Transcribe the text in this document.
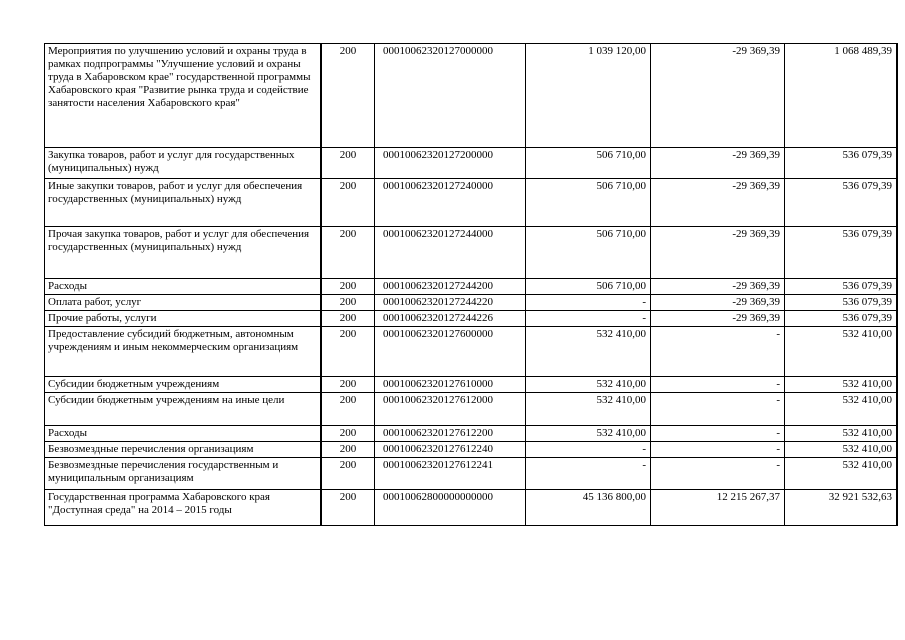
Мероприятия по улучшению условий и охраны труда в рамках подпрограммы "Улучшение условий и охраны труда в Хабаровском крае" государственной программы Хабаровского края "Развитие рынка труда и содействие занятости населения Хабаровского края"	200	00010062320127000000	1 039 120,00	-29 369,39	1 068 489,39
Закупка товаров, работ и услуг для государственных (муниципальных) нужд	200	00010062320127200000	506 710,00	-29 369,39	536 079,39
Иные закупки товаров, работ и услуг для обеспечения государственных (муниципальных) нужд	200	00010062320127240000	506 710,00	-29 369,39	536 079,39
Прочая закупка товаров, работ и услуг для обеспечения государственных (муниципальных) нужд	200	00010062320127244000	506 710,00	-29 369,39	536 079,39
Расходы	200	00010062320127244200	506 710,00	-29 369,39	536 079,39
Оплата работ, услуг	200	00010062320127244220	-	-29 369,39	536 079,39
Прочие работы, услуги	200	00010062320127244226	-	-29 369,39	536 079,39
Предоставление субсидий бюджетным, автономным учреждениям и иным некоммерческим организациям	200	00010062320127600000	532 410,00	-	532 410,00
Субсидии бюджетным учреждениям	200	00010062320127610000	532 410,00	-	532 410,00
Субсидии бюджетным учреждениям на иные цели	200	00010062320127612000	532 410,00	-	532 410,00
Расходы	200	00010062320127612200	532 410,00	-	532 410,00
Безвозмездные перечисления организациям	200	00010062320127612240	-	-	532 410,00
Безвозмездные перечисления государственным и муниципальным организациям	200	00010062320127612241	-	-	532 410,00
Государственная программа Хабаровского края "Доступная среда" на 2014 – 2015 годы	200	00010062800000000000	45 136 800,00	12 215 267,37	32 921 532,63
